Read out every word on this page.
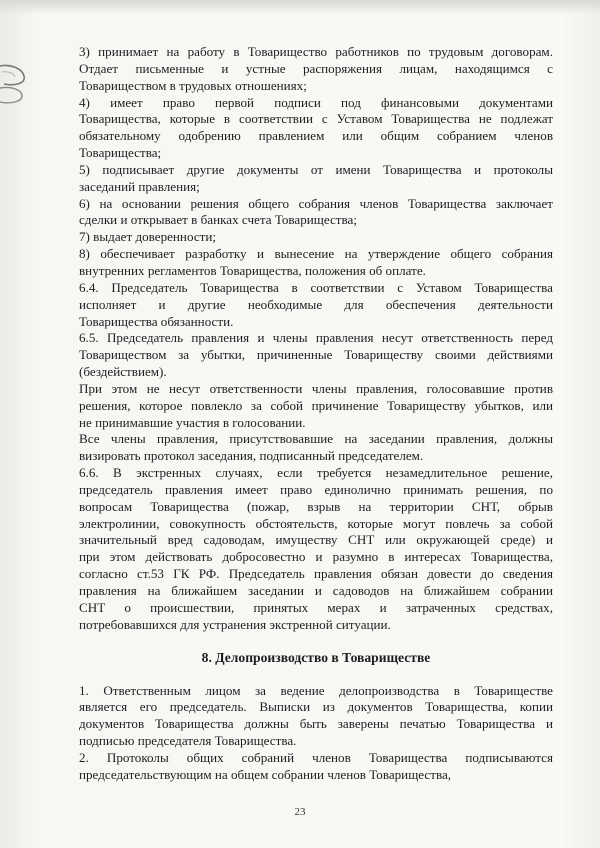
3) принимает на работу в Товарищество работников по трудовым договорам.
Отдает письменные и устные распоряжения лицам, находящимся с
Товариществом в трудовых отношениях;
4) имеет право первой подписи под финансовыми документами
Товарищества, которые в соответствии с Уставом Товарищества не подлежат
обязательному одобрению правлением или общим собранием членов
Товарищества;
5) подписывает другие документы от имени Товарищества и протоколы
заседаний правления;
6) на основании решения общего собрания членов Товарищества заключает
сделки и открывает в банках счета Товарищества;
7) выдает доверенности;
8) обеспечивает разработку и вынесение на утверждение общего собрания
внутренних регламентов Товарищества, положения об оплате.
6.4. Председатель Товарищества в соответствии с Уставом Товарищества
исполняет и другие необходимые для обеспечения деятельности
Товарищества обязанности.
6.5. Председатель правления и члены правления несут ответственность перед
Товариществом за убытки, причиненные Товариществу своими действиями
(бездействием).
При этом не несут ответственности члены правления, голосовавшие против
решения, которое повлекло за собой причинение Товариществу убытков, или
не принимавшие участия в голосовании.
Все члены правления, присутствовавшие на заседании правления, должны
визировать протокол заседания, подписанный председателем.
6.6. В экстренных случаях, если требуется незамедлительное решение,
председатель правления имеет право единолично принимать решения, по
вопросам Товарищества (пожар, взрыв на территории СНТ, обрыв
электролинии, совокупность обстоятельств, которые могут повлечь за собой
значительный вред садоводам, имуществу СНТ или окружающей среде) и
при этом действовать добросовестно и разумно в интересах Товарищества,
согласно ст.53 ГК РФ. Председатель правления обязан довести до сведения
правления на ближайшем заседании и садоводов на ближайшем собрании
СНТ о происшествии, принятых мерах и затраченных средствах,
потребовавшихся для устранения экстренной ситуации.
8. Делопроизводство в Товариществе
1. Ответственным лицом за ведение делопроизводства в Товариществе
является его председатель. Выписки из документов Товарищества, копии
документов Товарищества должны быть заверены печатью Товарищества и
подписью председателя Товарищества.
2. Протоколы общих собраний членов Товарищества подписываются
председательствующим на общем собрании членов Товарищества,
23
